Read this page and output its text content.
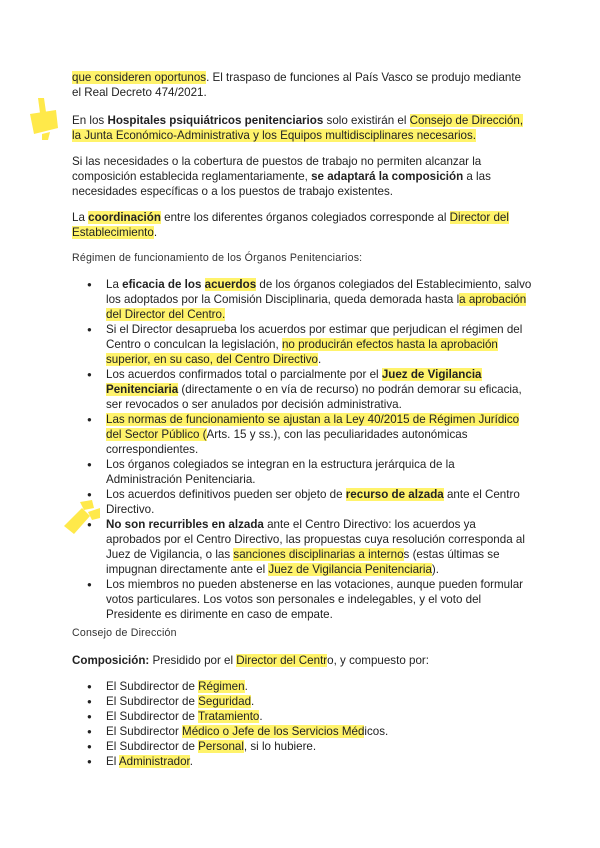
que consideren oportunos. El traspaso de funciones al País Vasco se produjo mediante el Real Decreto 474/2021.

En los Hospitales psiquiátricos penitenciarios solo existirán el Consejo de Dirección, la Junta Económico-Administrativa y los Equipos multidisciplinares necesarios.

Si las necesidades o la cobertura de puestos de trabajo no permiten alcanzar la composición establecida reglamentariamente, se adaptará la composición a las necesidades específicas o a los puestos de trabajo existentes.

La coordinación entre los diferentes órganos colegiados corresponde al Director del Establecimiento.

Régimen de funcionamiento de los Órganos Penitenciarios:

● La eficacia de los acuerdos de los órganos colegiados del Establecimiento, salvo los adoptados por la Comisión Disciplinaria, queda demorada hasta la aprobación del Director del Centro.
● Si el Director desaprueba los acuerdos por estimar que perjudican el régimen del Centro o conculcan la legislación, no producirán efectos hasta la aprobación superior, en su caso, del Centro Directivo.
● Los acuerdos confirmados total o parcialmente por el Juez de Vigilancia Penitenciaria (directamente o en vía de recurso) no podrán demorar su eficacia, ser revocados o ser anulados por decisión administrativa.
● Las normas de funcionamiento se ajustan a la Ley 40/2015 de Régimen Jurídico del Sector Público (Arts. 15 y ss.), con las peculiaridades autonómicas correspondientes.
● Los órganos colegiados se integran en la estructura jerárquica de la Administración Penitenciaria.
● Los acuerdos definitivos pueden ser objeto de recurso de alzada ante el Centro Directivo.
● No son recurribles en alzada ante el Centro Directivo: los acuerdos ya aprobados por el Centro Directivo, las propuestas cuya resolución corresponda al Juez de Vigilancia, o las sanciones disciplinarias a internos (estas últimas se impugnan directamente ante el Juez de Vigilancia Penitenciaria).
● Los miembros no pueden abstenerse en las votaciones, aunque pueden formular votos particulares. Los votos son personales e indelegables, y el voto del Presidente es dirimente en caso de empate.

Consejo de Dirección

Composición: Presidido por el Director del Centro, y compuesto por:

● El Subdirector de Régimen.
● El Subdirector de Seguridad.
● El Subdirector de Tratamiento.
● El Subdirector Médico o Jefe de los Servicios Médicos.
● El Subdirector de Personal, si lo hubiere.
● El Administrador.
